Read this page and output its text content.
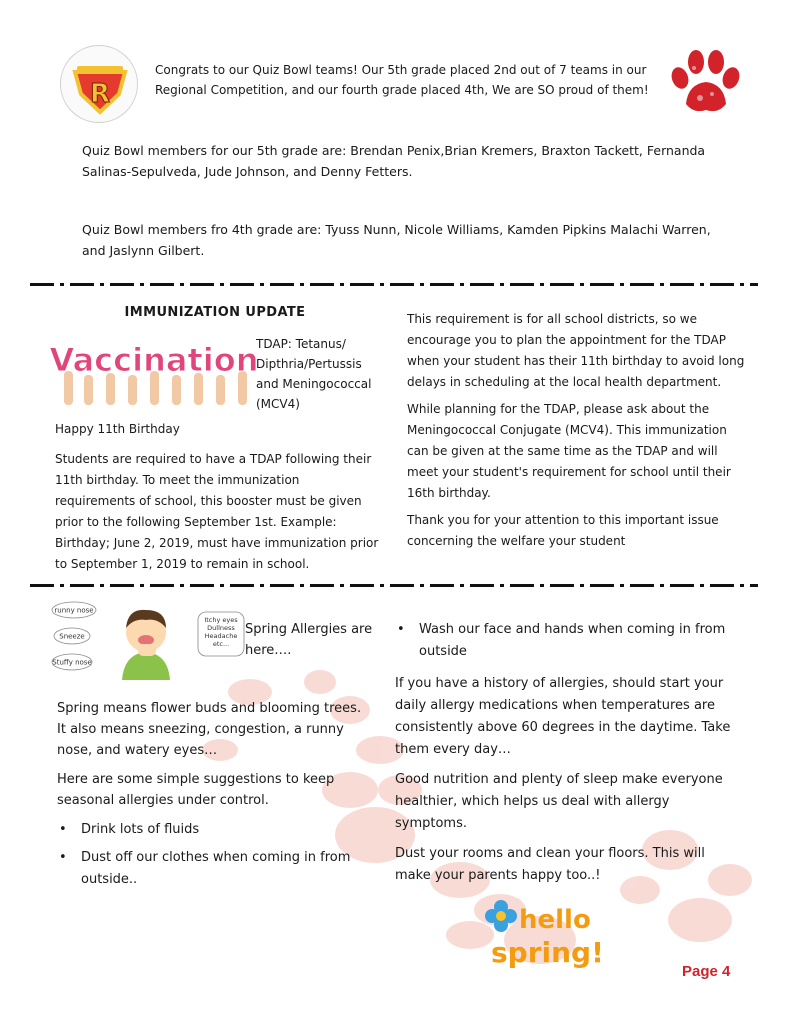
R
Congrats to our Quiz Bowl teams! Our 5th grade placed 2nd out of 7 teams in our Regional Competition, and our fourth grade placed 4th, We are SO proud of them!

Quiz Bowl members for our 5th grade are: Brendan Penix,Brian Kremers, Braxton Tackett, Fernanda Salinas-Sepulveda, Jude Johnson, and Denny Fetters.

Quiz Bowl members fro 4th grade are: Tyuss Nunn, Nicole Williams, Kamden Pipkins Malachi Warren, and Jaslynn Gilbert.

IMMUNIZATION UPDATE
Vaccination
TDAP: Tetanus/ Dipthria/Pertussis and Meningococcal (MCV4)
Happy 11th Birthday

Students are required to have a TDAP following their 11th birthday. To meet the immunization requirements of school, this booster must be given prior to the following September 1st. Example: Birthday; June 2, 2019, must have immunization prior to September 1, 2019 to remain in school.

This requirement is for all school districts, so we encourage you to plan the appointment for the TDAP when your student has their 11th birthday to avoid long delays in scheduling at the local health department.

While planning for the TDAP, please ask about the Meningococcal Conjugate (MCV4). This immunization can be given at the same time as the TDAP and will meet your student's requirement for school until their 16th birthday.

Thank you for your attention to this important issue concerning the welfare your student

runny nose
Sneeze
Stuffy nose
Itchy eyes Dullness Headache etc...
Spring Allergies are here….

Spring means flower buds and blooming trees. It also means sneezing, congestion, a runny nose, and watery eyes…

Here are some simple suggestions to keep seasonal allergies under control.

• Drink lots of fluids
• Dust off our clothes when coming in from outside..
• Wash our face and hands when coming in from outside

If you have a history of allergies, should start your daily allergy medications when temperatures are consistently above 60 degrees in the daytime. Take them every day…

Good nutrition and plenty of sleep make everyone healthier, which helps us deal with allergy symptoms.

Dust your rooms and clean your floors. This will make your parents happy too..!

hello
spring!
Page 4
